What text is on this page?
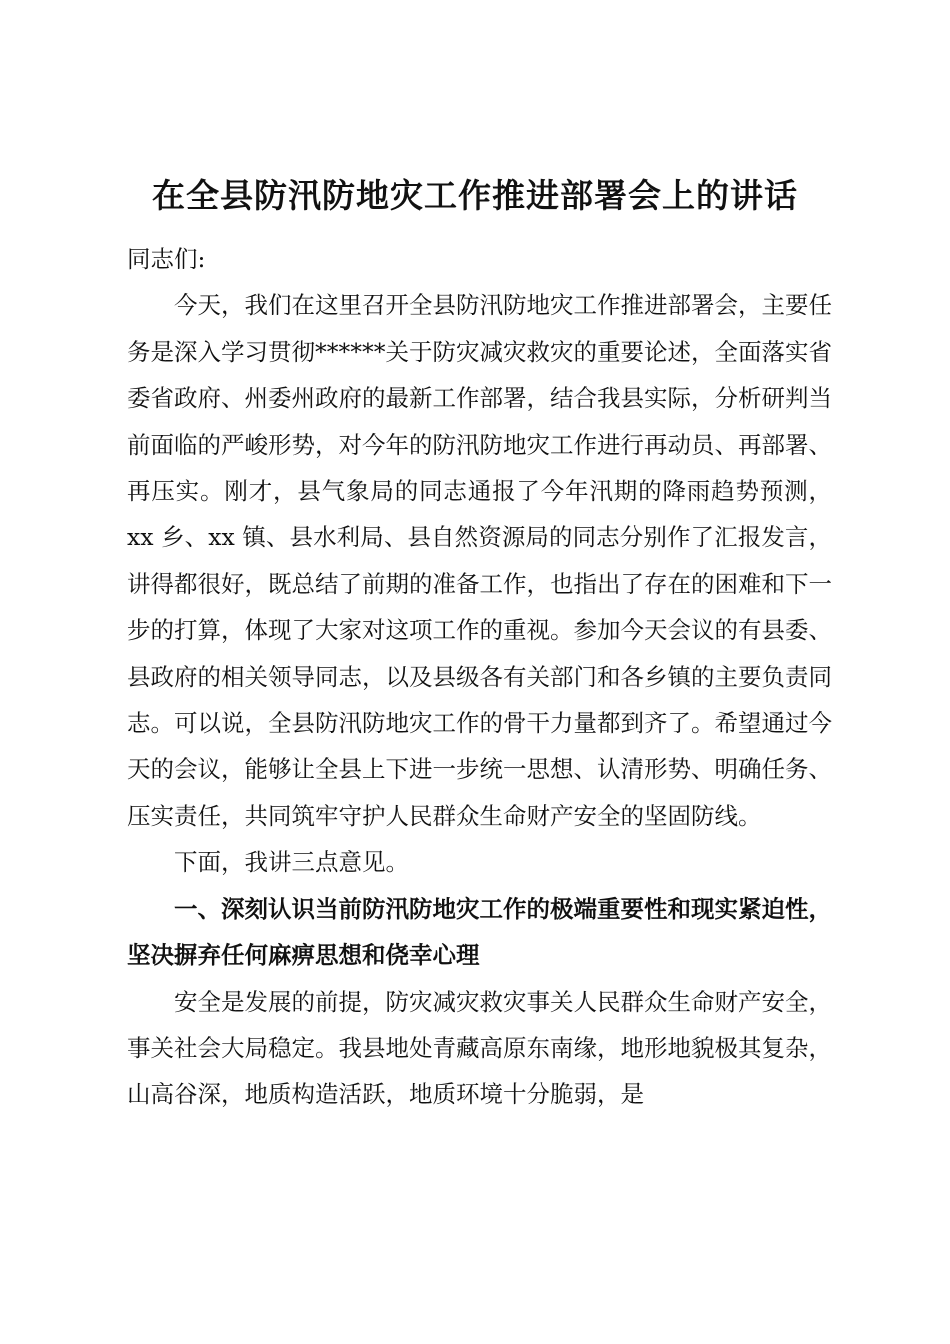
在全县防汛防地灾工作推进部署会上的讲话

同志们:

今天，我们在这里召开全县防汛防地灾工作推进部署会，主要任务是深入学习贯彻******关于防灾减灾救灾的重要论述，全面落实省委省政府、州委州政府的最新工作部署，结合我县实际，分析研判当前面临的严峻形势，对今年的防汛防地灾工作进行再动员、再部署、再压实。刚才，县气象局的同志通报了今年汛期的降雨趋势预测，xx 乡、xx 镇、县水利局、县自然资源局的同志分别作了汇报发言，讲得都很好，既总结了前期的准备工作，也指出了存在的困难和下一步的打算，体现了大家对这项工作的重视。参加今天会议的有县委、县政府的相关领导同志，以及县级各有关部门和各乡镇的主要负责同志。可以说，全县防汛防地灾工作的骨干力量都到齐了。希望通过今天的会议，能够让全县上下进一步统一思想、认清形势、明确任务、压实责任，共同筑牢守护人民群众生命财产安全的坚固防线。

下面，我讲三点意见。

一、深刻认识当前防汛防地灾工作的极端重要性和现实紧迫性，坚决摒弃任何麻痹思想和侥幸心理

安全是发展的前提，防灾减灾救灾事关人民群众生命财产安全，事关社会大局稳定。我县地处青藏高原东南缘，地形地貌极其复杂，山高谷深，地质构造活跃，地质环境十分脆弱，是
